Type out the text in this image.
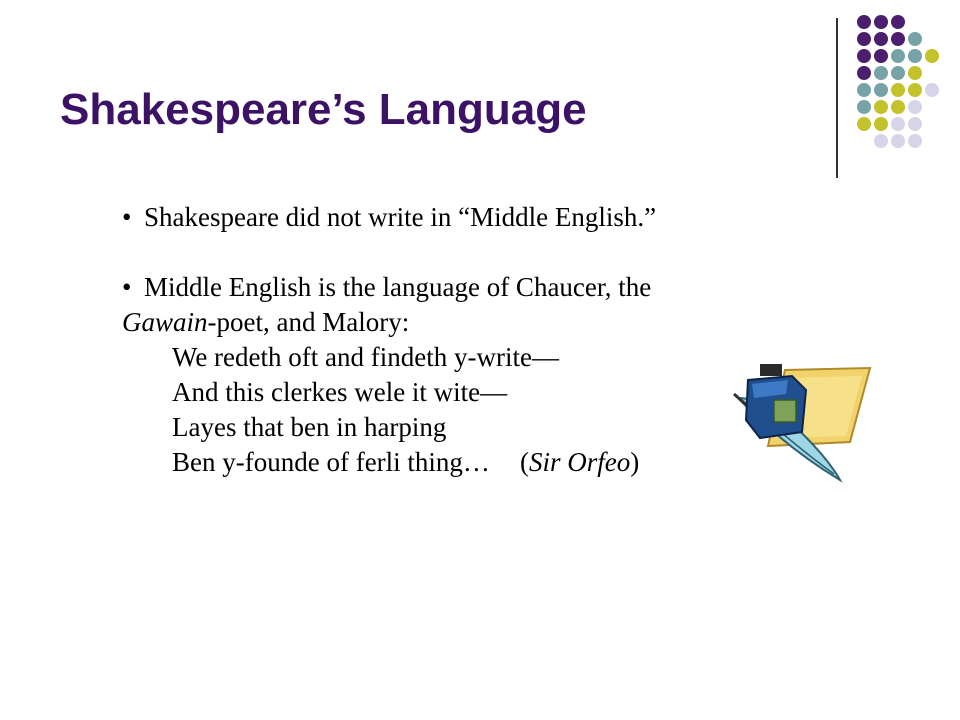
Shakespeare’s Language
• Shakespeare did not write in “Middle English.”
• Middle English is the language of Chaucer, the
Gawain-poet, and Malory:
We redeth oft and findeth y-write—
And this clerkes wele it wite—
Layes that ben in harping
Ben y-founde of ferli thing… (Sir Orfeo)
